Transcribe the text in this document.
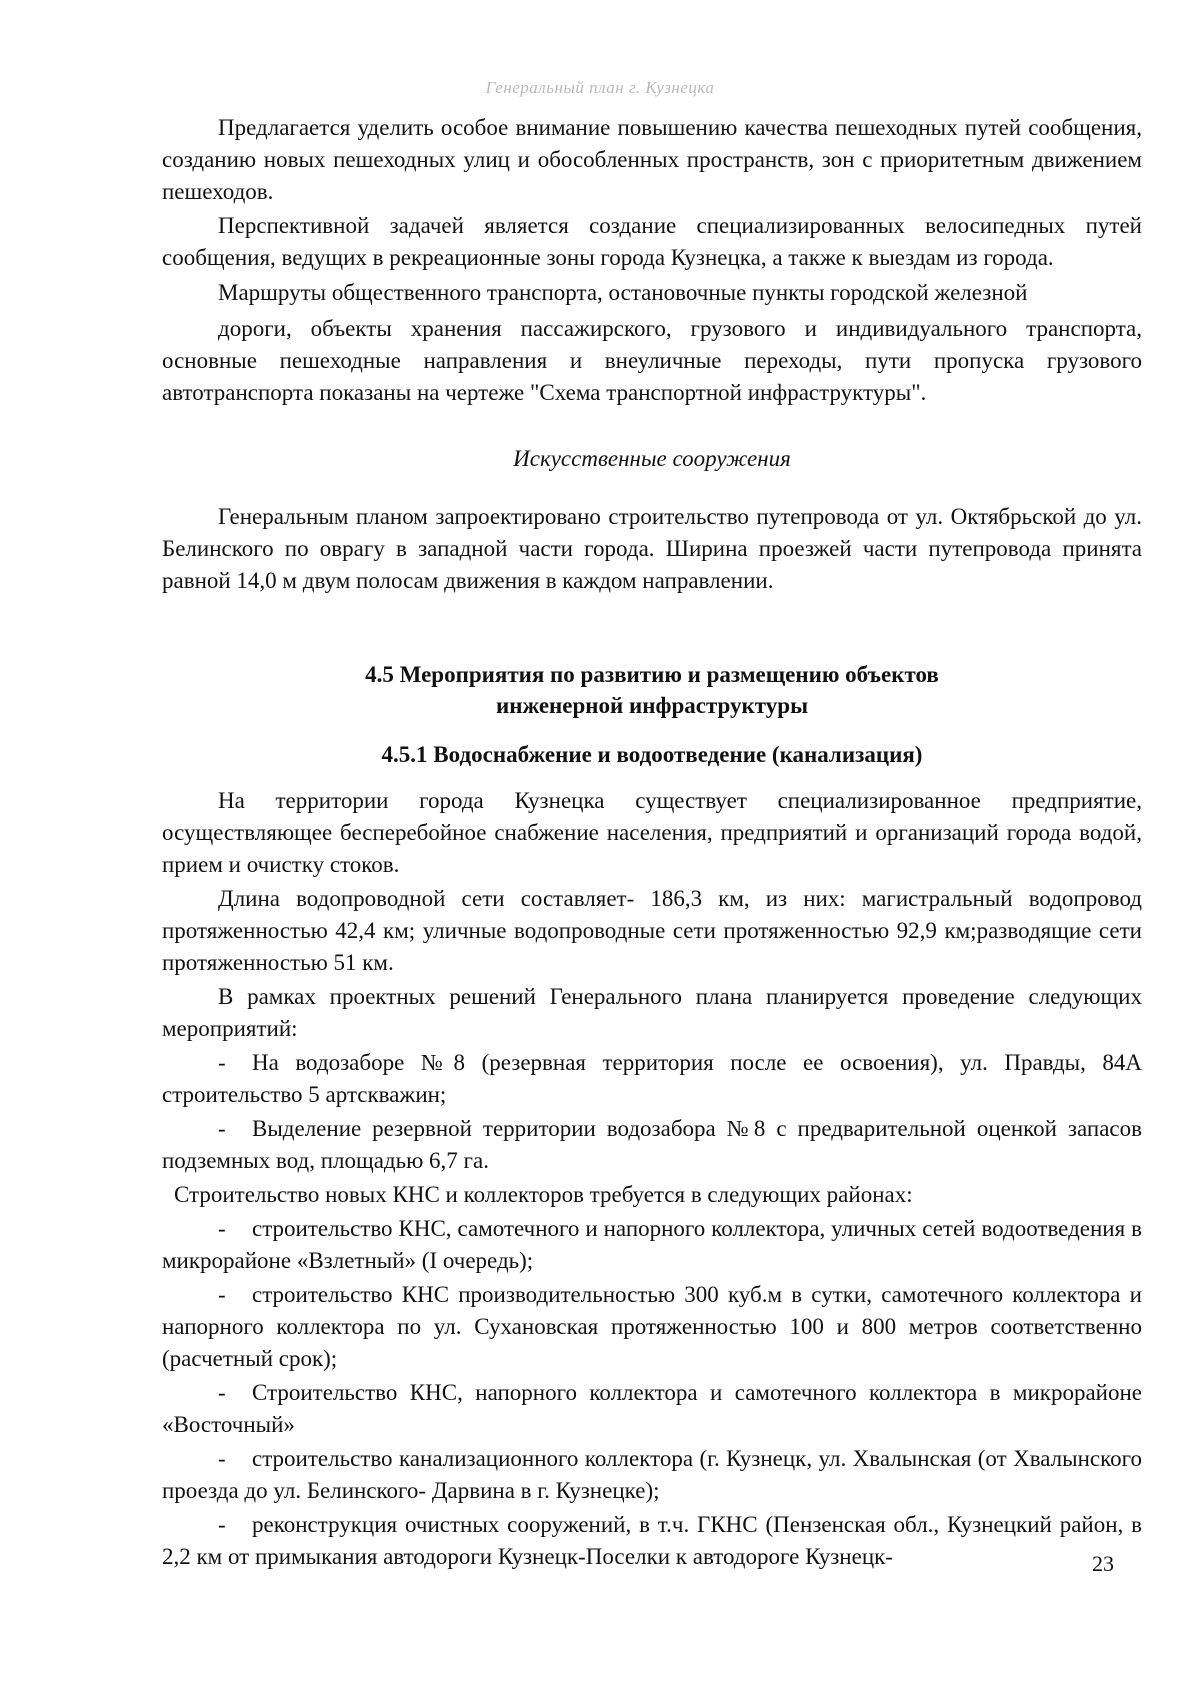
Генеральный план г. Кузнецка

Предлагается уделить особое внимание повышению качества пешеходных путей сообщения, созданию новых пешеходных улиц и обособленных пространств, зон с приоритетным движением пешеходов.

Перспективной задачей является создание специализированных велосипедных путей сообщения, ведущих в рекреационные зоны города Кузнецка, а также к выездам из города.

Маршруты общественного транспорта, остановочные пункты городской железной

дороги, объекты хранения пассажирского, грузового и индивидуального транспорта, основные пешеходные направления и внеуличные переходы, пути пропуска грузового автотранспорта показаны на чертеже "Схема транспортной инфраструктуры".

Искусственные сооружения

Генеральным планом запроектировано строительство путепровода от ул. Октябрьской до ул. Белинского по оврагу в западной части города. Ширина проезжей части путепровода принята равной 14,0 м двум полосам движения в каждом направлении.

4.5 Мероприятия по развитию и размещению объектов
инженерной инфраструктуры
4.5.1 Водоснабжение и водоотведение (канализация)

На территории города Кузнецка существует специализированное предприятие, осуществляющее бесперебойное снабжение населения, предприятий и организаций города водой, прием и очистку стоков.

Длина водопроводной сети составляет- 186,3 км, из них: магистральный водопровод протяженностью 42,4 км; уличные водопроводные сети протяженностью 92,9 км;разводящие сети протяженностью 51 км.

В рамках проектных решений Генерального плана планируется проведение следующих мероприятий:

- На водозаборе №8 (резервная территория после ее освоения), ул. Правды, 84А строительство 5 артскважин;

- Выделение резервной территории водозабора №8 с предварительной оценкой запасов подземных вод, площадью 6,7 га.

Строительство новых КНС и коллекторов требуется в следующих районах:

- строительство КНС, самотечного и напорного коллектора, уличных сетей водоотведения в микрорайоне «Взлетный» (I очередь);

- строительство КНС производительностью 300 куб.м в сутки, самотечного коллектора и напорного коллектора по ул. Сухановская протяженностью 100 и 800 метров соответственно (расчетный срок);

- Строительство КНС, напорного коллектора и самотечного коллектора в микрорайоне «Восточный»

- строительство канализационного коллектора (г. Кузнецк, ул. Хвалынская (от Хвалынского проезда до ул. Белинского- Дарвина в г. Кузнецке);

- реконструкция очистных сооружений, в т.ч. ГКНС (Пензенская обл., Кузнецкий район, в 2,2 км от примыкания автодороги Кузнецк-Поселки к автодороге Кузнецк-	23
